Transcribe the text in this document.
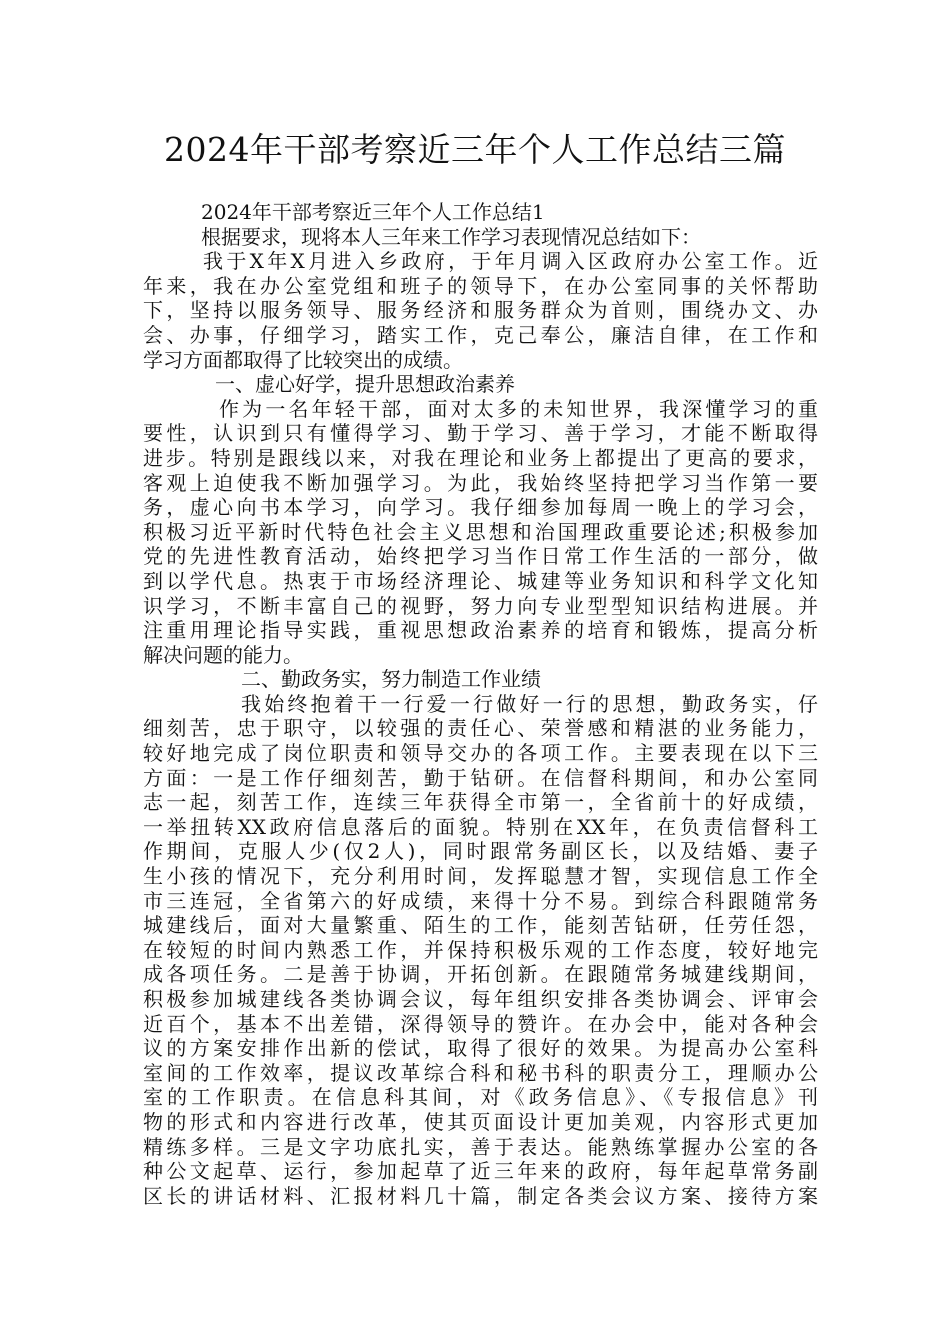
2024年干部考察近三年个人工作总结三篇
2024年干部考察近三年个人工作总结1
根据要求，现将本人三年来工作学习表现情况总结如下：
我于X年X月进入乡政府，于年月调入区政府办公室工作。近
年来，我在办公室党组和班子的领导下，在办公室同事的关怀帮助
下，坚持以服务领导、服务经济和服务群众为首则，围绕办文、办
会、办事，仔细学习，踏实工作，克己奉公，廉洁自律，在工作和
学习方面都取得了比较突出的成绩。
一、虚心好学，提升思想政治素养
作为一名年轻干部，面对太多的未知世界，我深懂学习的重
要性，认识到只有懂得学习、勤于学习、善于学习，才能不断取得
进步。特别是跟线以来，对我在理论和业务上都提出了更高的要求，
客观上迫使我不断加强学习。为此，我始终坚持把学习当作第一要
务，虚心向书本学习，向学习。我仔细参加每周一晚上的学习会，
积极习近平新时代特色社会主义思想和治国理政重要论述;积极参加
党的先进性教育活动，始终把学习当作日常工作生活的一部分，做
到以学代息。热衷于市场经济理论、城建等业务知识和科学文化知
识学习，不断丰富自己的视野，努力向专业型型知识结构进展。并
注重用理论指导实践，重视思想政治素养的培育和锻炼，提高分析
解决问题的能力。
二、勤政务实，努力制造工作业绩
我始终抱着干一行爱一行做好一行的思想，勤政务实，仔
细刻苦，忠于职守，以较强的责任心、荣誉感和精湛的业务能力，
较好地完成了岗位职责和领导交办的各项工作。主要表现在以下三
方面：一是工作仔细刻苦，勤于钻研。在信督科期间，和办公室同
志一起，刻苦工作，连续三年获得全市第一，全省前十的好成绩，
一举扭转XX政府信息落后的面貌。特别在XX年，在负责信督科工
作期间，克服人少(仅2人)，同时跟常务副区长，以及结婚、妻子
生小孩的情况下，充分利用时间，发挥聪慧才智，实现信息工作全
市三连冠，全省第六的好成绩，来得十分不易。到综合科跟随常务
城建线后，面对大量繁重、陌生的工作，能刻苦钻研，任劳任怨，
在较短的时间内熟悉工作，并保持积极乐观的工作态度，较好地完
成各项任务。二是善于协调，开拓创新。在跟随常务城建线期间，
积极参加城建线各类协调会议，每年组织安排各类协调会、评审会
近百个，基本不出差错，深得领导的赞许。在办会中，能对各种会
议的方案安排作出新的偿试，取得了很好的效果。为提高办公室科
室间的工作效率，提议改革综合科和秘书科的职责分工，理顺办公
室的工作职责。在信息科其间，对《政务信息》、《专报信息》刊
物的形式和内容进行改革，使其页面设计更加美观，内容形式更加
精练多样。三是文字功底扎实，善于表达。能熟练掌握办公室的各
种公文起草、运行，参加起草了近三年来的政府，每年起草常务副
区长的讲话材料、汇报材料几十篇，制定各类会议方案、接待方案
